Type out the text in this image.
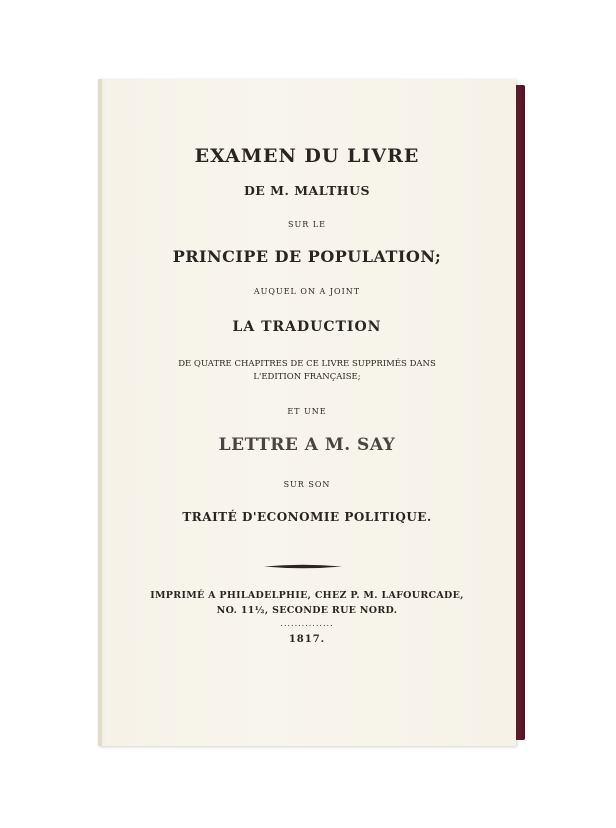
EXAMEN DU LIVRE
DE M. MALTHUS
SUR LE
PRINCIPE DE POPULATION;
AUQUEL ON A JOINT
LA TRADUCTION
DE QUATRE CHAPITRES DE CE LIVRE SUPPRIMÉS DANS
L'EDITION FRANÇAISE;
ET UNE
LETTRE A M. SAY
SUR SON
TRAITÉ D'ECONOMIE POLITIQUE.
IMPRIMÉ A PHILADELPHIE, CHEZ P. M. LAFOURCADE,
NO. 11½, SECONDE RUE NORD.
...............
1817.
